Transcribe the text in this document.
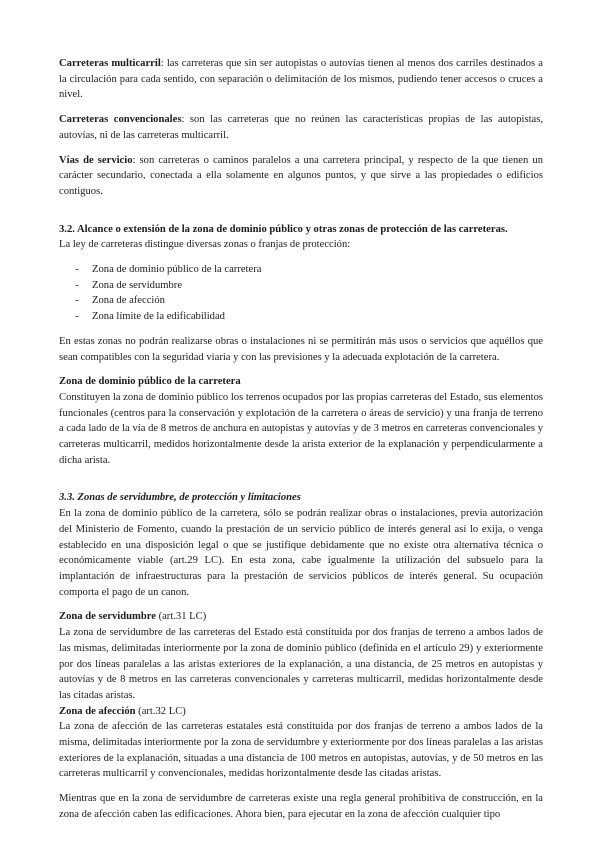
Carreteras multicarril: las carreteras que sin ser autopistas o autovías tienen al menos dos carriles destinados a la circulación para cada sentido, con separación o delimitación de los mismos, pudiendo tener accesos o cruces a nivel.

Carreteras convencionales: son las carreteras que no reúnen las características propias de las autopistas, autovías, ni de las carreteras multicarril.

Vías de servicio: son carreteras o caminos paralelos a una carretera principal, y respecto de la que tienen un carácter secundario, conectada a ella solamente en algunos puntos, y que sirve a las propiedades o edificios contiguos.

3.2. Alcance o extensión de la zona de dominio público y otras zonas de protección de las carreteras.

La ley de carreteras distingue diversas zonas o franjas de protección:

- Zona de dominio público de la carretera
- Zona de servidumbre
- Zona de afección
- Zona límite de la edificabilidad

En estas zonas no podrán realizarse obras o instalaciones ni se permitirán más usos o servicios que aquéllos que sean compatibles con la seguridad viaria y con las previsiones y la adecuada explotación de la carretera.

Zona de dominio público de la carretera

Constituyen la zona de dominio público los terrenos ocupados por las propias carreteras del Estado, sus elementos funcionales (centros para la conservación y explotación de la carretera o áreas de servicio) y una franja de terreno a cada lado de la vía de 8 metros de anchura en autopistas y autovías y de 3 metros en carreteras convencionales y carreteras multicarril, medidos horizontalmente desde la arista exterior de la explanación y perpendicularmente a dicha arista.

3.3. Zonas de servidumbre, de protección y limitaciones

En la zona de dominio público de la carretera, sólo se podrán realizar obras o instalaciones, previa autorización del Ministerio de Fomento, cuando la prestación de un servicio público de interés general así lo exija, o venga establecido en una disposición legal o que se justifique debidamente que no existe otra alternativa técnica o económicamente viable (art.29 LC). En esta zona, cabe igualmente la utilización del subsuelo para la implantación de infraestructuras para la prestación de servicios públicos de interés general. Su ocupación comporta el pago de un canon.

Zona de servidumbre (art.31 LC)

La zona de servidumbre de las carreteras del Estado está constituida por dos franjas de terreno a ambos lados de las mismas, delimitadas interiormente por la zona de dominio público (definida en el artículo 29) y exteriormente por dos líneas paralelas a las aristas exteriores de la explanación, a una distancia, de 25 metros en autopistas y autovías y de 8 metros en las carreteras convencionales y carreteras multicarril, medidas horizontalmente desde las citadas aristas.

Zona de afección (art.32 LC)

La zona de afección de las carreteras estatales está constituida por dos franjas de terreno a ambos lados de la misma, delimitadas interiormente por la zona de servidumbre y exteriormente por dos líneas paralelas a las aristas exteriores de la explanación, situadas a una distancia de 100 metros en autopistas, autovías, y de 50 metros en las carreteras multicarril y convencionales, medidas horizontalmente desde las citadas aristas.

Mientras que en la zona de servidumbre de carreteras existe una regla general prohibitiva de construcción, en la zona de afección caben las edificaciones. Ahora bien, para ejecutar en la zona de afección cualquier tipo
